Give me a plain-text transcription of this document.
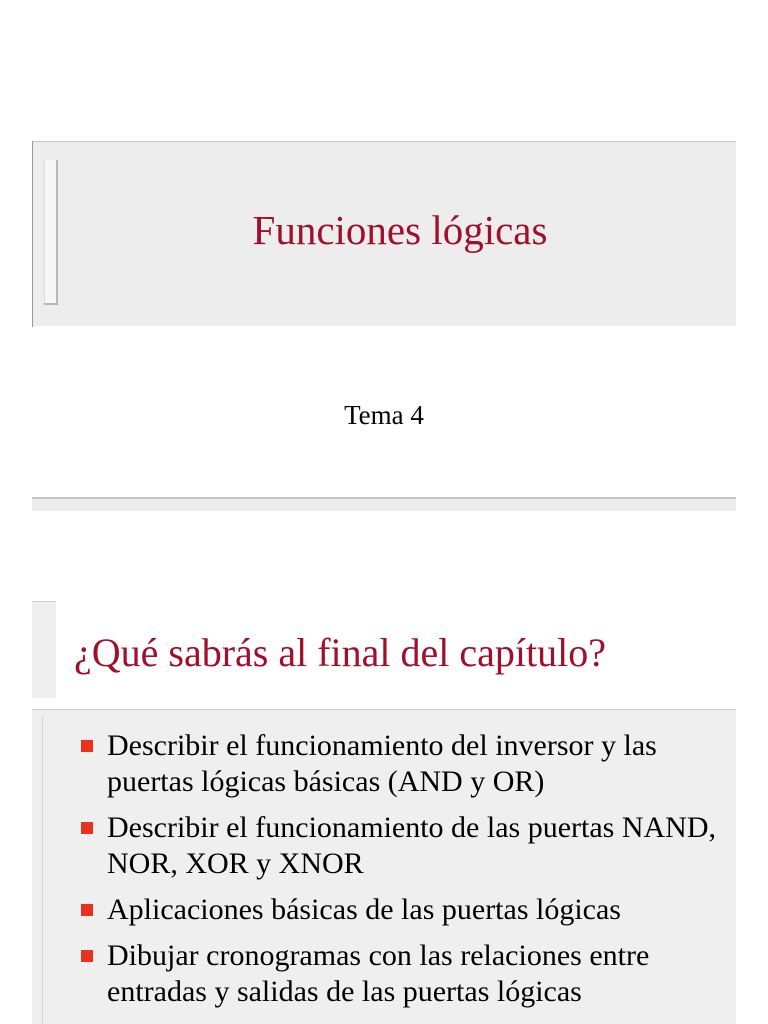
Funciones lógicas
Tema 4
¿Qué sabrás al final del capítulo?
Describir el funcionamiento del inversor y las puertas lógicas básicas (AND y OR)
Describir el funcionamiento de las puertas NAND, NOR, XOR y XNOR
Aplicaciones básicas de las puertas lógicas
Dibujar cronogramas con las relaciones entre entradas y salidas de las puertas lógicas
